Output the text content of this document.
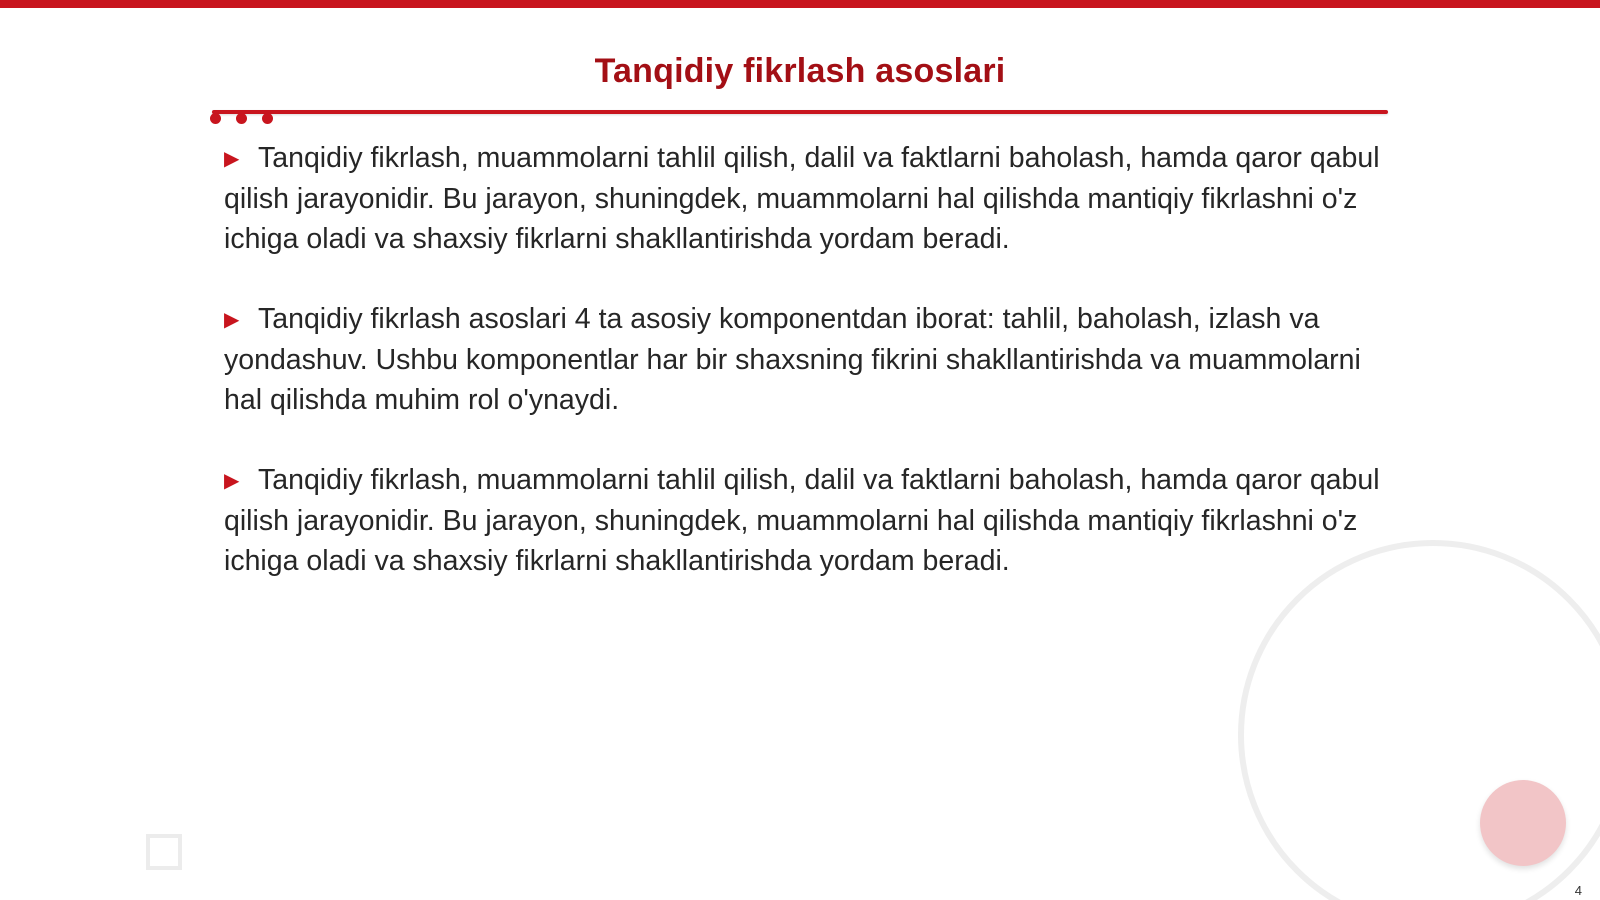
Tanqidiy fikrlash asoslari

▶ Tanqidiy fikrlash, muammolarni tahlil qilish, dalil va faktlarni baholash, hamda qaror qabul qilish jarayonidir. Bu jarayon, shuningdek, muammolarni hal qilishda mantiqiy fikrlashni o'z ichiga oladi va shaxsiy fikrlarni shakllantirishda yordam beradi.

▶ Tanqidiy fikrlash asoslari 4 ta asosiy komponentdan iborat: tahlil, baholash, izlash va yondashuv. Ushbu komponentlar har bir shaxsning fikrini shakllantirishda va muammolarni hal qilishda muhim rol o'ynaydi.

▶ Tanqidiy fikrlash, muammolarni tahlil qilish, dalil va faktlarni baholash, hamda qaror qabul qilish jarayonidir. Bu jarayon, shuningdek, muammolarni hal qilishda mantiqiy fikrlashni o'z ichiga oladi va shaxsiy fikrlarni shakllantirishda yordam beradi.

4
